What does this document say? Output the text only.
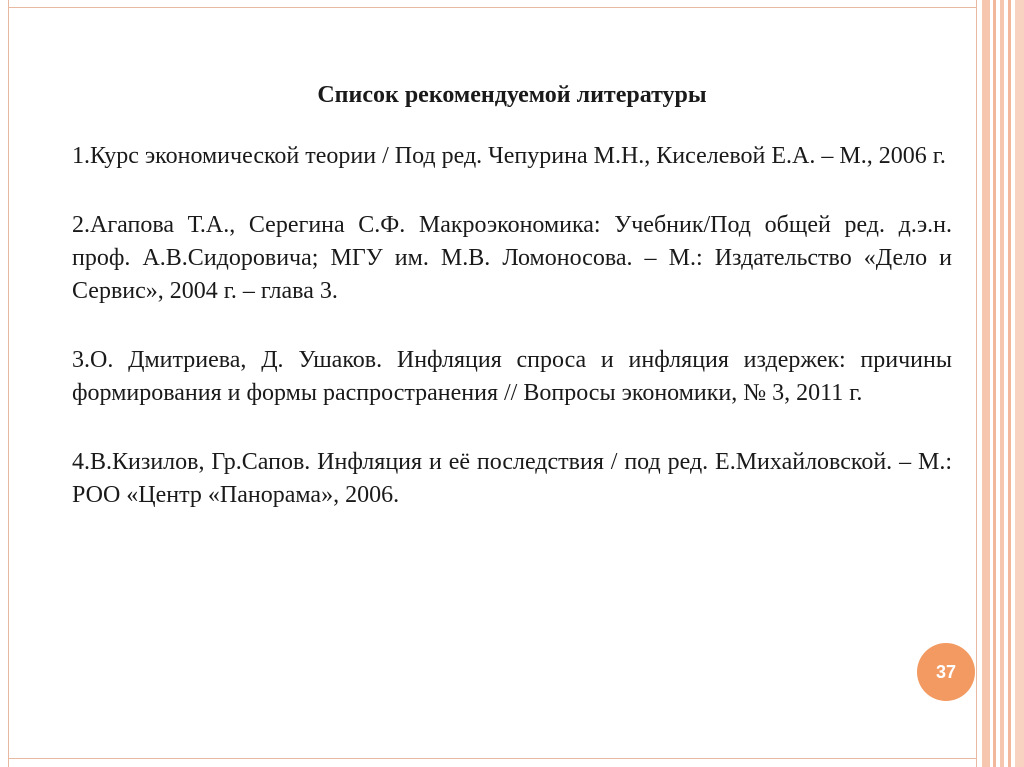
Список рекомендуемой литературы

1.Курс экономической теории / Под ред. Чепурина М.Н., Киселевой Е.А. – М., 2006 г.

2.Агапова Т.А., Серегина С.Ф. Макроэкономика: Учебник/Под общей ред. д.э.н. проф. А.В.Сидоровича; МГУ им. М.В. Ломоносова. – М.: Издательство «Дело и Сервис», 2004 г. – глава 3.

3.О. Дмитриева, Д. Ушаков. Инфляция спроса и инфляция издержек: причины формирования и формы распространения // Вопросы экономики, № 3, 2011 г.

4.В.Кизилов, Гр.Сапов. Инфляция и её последствия / под ред. Е.Михайловской. – М.: РОО «Центр «Панорама», 2006.

37
